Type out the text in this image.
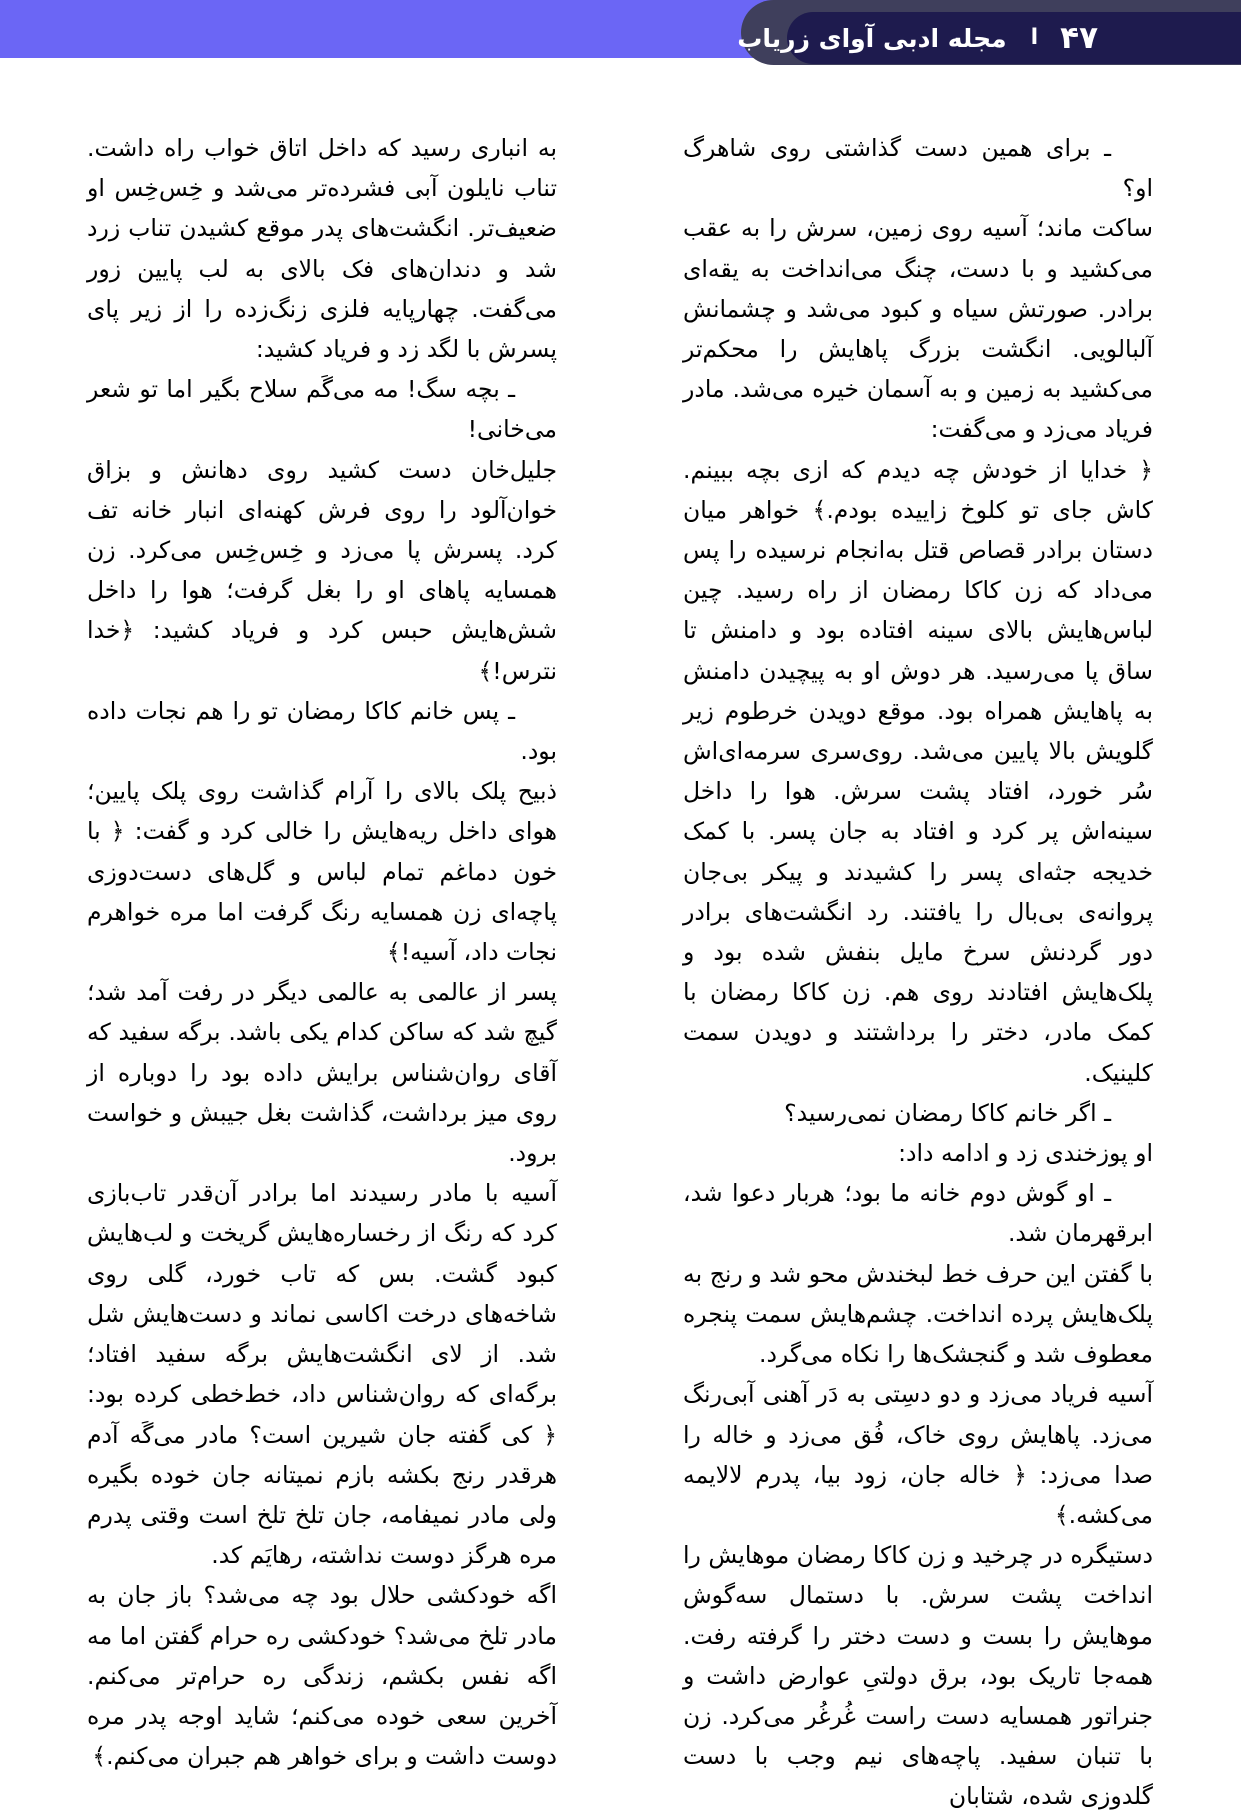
۴۷
ا
مجله ادبی آوای زریاب

ـ برای همین دست گذاشتی روی شاهرگ او؟

ساکت ماند؛ آسیه روی زمین، سرش را به عقب می‌کشید و با دست، چنگ می‌انداخت به یقه‌ای برادر. صورتش سیاه و کبود می‌شد و چشمانش آلبالویی. انگشت بزرگ پاهایش را محکم‌تر می‌کشید به زمین و به آسمان خیره می‌شد. مادر فریاد می‌زد و می‌گفت:

﴿ خدایا از خودش چه دیدم که ازی بچه ببینم. کاش جای تو کلوخ زاییده بودم.﴾ خواهر میان دستان برادر قصاص قتل به‌انجام نرسیده را پس می‌داد که زن کاکا رمضان از راه رسید. چین لباس‌هایش بالای سینه افتاده بود و دامنش تا ساق پا می‌رسید. هر دوش او به پیچیدن دامنش به پاهایش همراه بود. موقع دویدن خرطوم زیر گلویش بالا پایین می‌شد. روی‌سری سرمه‌ای‌اش سُر خورد، افتاد پشت سرش. هوا را داخل سینه‌اش پر کرد و افتاد به جان پسر. با کمک خدیجه جثه‌ای پسر را کشیدند و پیکر بی‌جان پروانه‌ی بی‌بال را یافتند. رد انگشت‌های برادر دور گردنش سرخ مایل بنفش شده بود و پلک‌هایش افتادند روی هم. زن کاکا رمضان با کمک مادر، دختر را برداشتند و دویدن سمت کلینیک.

ـ اگر خانم کاکا رمضان نمی‌رسید؟

او پوزخندی زد و ادامه داد:

ـ او گوش دوم خانه ما بود؛ هربار دعوا شد، ابرقهرمان شد.

با گفتن این حرف خط لبخندش محو شد و رنج به پلک‌هایش پرده انداخت. چشم‌هایش سمت پنجره معطوف شد و گنجشک‌ها را نکاه می‌گرد.

آسیه فریاد می‌زد و دو دسِتی به دَر آهنی آبی‌رنگ می‌زد. پاهایش روی خاک، فُق می‌زد و خاله را صدا می‌زد: ﴿ خاله جان، زود بیا، پدرم لالایمه می‌کشه.﴾

دستیگره در چرخید و زن کاکا رمضان موهایش را انداخت پشت سرش. با دستمال سه‌گوش موهایش را بست و دست دختر را گرفته رفت. همه‌جا تاریک بود، برق دولتیِ عوارض داشت و جنراتور همسایه دست راست غُرغُر می‌کرد. زن با تنبان سفید. پاچه‌های نیم وجب با دست گلدوزی شده، شتابان

به انباری رسید که داخل اتاق خواب راه داشت. تناب نایلون آبی فشرده‌تر می‌شد و خِس‌خِس او ضعیف‌تر. انگشت‌های پدر موقع کشیدن تناب زرد شد و دندان‌های فک بالای به لب پایین زور می‌گفت. چهارپایه فلزی زنگ‌زده را از زیر پای پسرش با لگد زد و فریاد کشید:

ـ بچه سگ! مه می‌گَم سلاح بگیر اما تو شعر می‌خانی!

جلیل‌خان دست کشید روی دهانش و بزاق خوان‌آلود را روی فرش کهنه‌ای انبار خانه تف کرد. پسرش پا می‌زد و خِس‌خِس می‌کرد. زن همسایه پاهای او را بغل گرفت؛ هوا را داخل شش‌هایش حبس کرد و فریاد کشید: ﴿خدا نترس!﴾

ـ پس خانم کاکا رمضان تو را هم نجات داده بود.

ذبیح پلک بالای را آرام گذاشت روی پلک پایین؛ هوای داخل ریه‌هایش را خالی کرد و گفت: ﴿ با خون دماغم تمام لباس و گل‌های دست‌دوزی پاچه‌ای زن همسایه رنگ گرفت اما مره خواهرم نجات داد، آسیه!﴾

پسر از عالمی به عالمی دیگر در رفت آمد شد؛ گیچ شد که ساکن کدام یکی باشد. برگه سفید که آقای روان‌شناس برایش داده بود را دوباره از روی میز برداشت، گذاشت بغل جیبش و خواست برود.

آسیه با مادر رسیدند اما برادر آن‌قدر تاب‌بازی کرد که رنگ از رخساره‌هایش گریخت و لب‌هایش کبود گشت. بس که تاب خورد، گلی روی شاخه‌های درخت اکاسی نماند و دست‌هایش شل شد. از لای انگشت‌هایش برگه سفید افتاد؛ برگه‌ای که روان‌شناس داد، خط‌خطی کرده بود: ﴿ کی گفته جان شیرین است؟ مادر می‌گَه آدم هرقدر رنج بکشه بازم نمیتانه جان خوده بگیره ولی مادر نمیفامه، جان تلخ تلخ است وقتی پدرم مره هرگز دوست نداشته، رهایَم کد.

اگه خودکشی حلال بود چه می‌شد؟ باز جان به مادر تلخ می‌شد؟ خودکشی ره حرام گفتن اما مه اگه نفس بکشم، زندگی ره حرام‌تر می‌کنم. آخرین سعی خوده می‌کنم؛ شاید اوجه پدر مره دوست داشت و برای خواهر هم جبران می‌کنم.﴾
